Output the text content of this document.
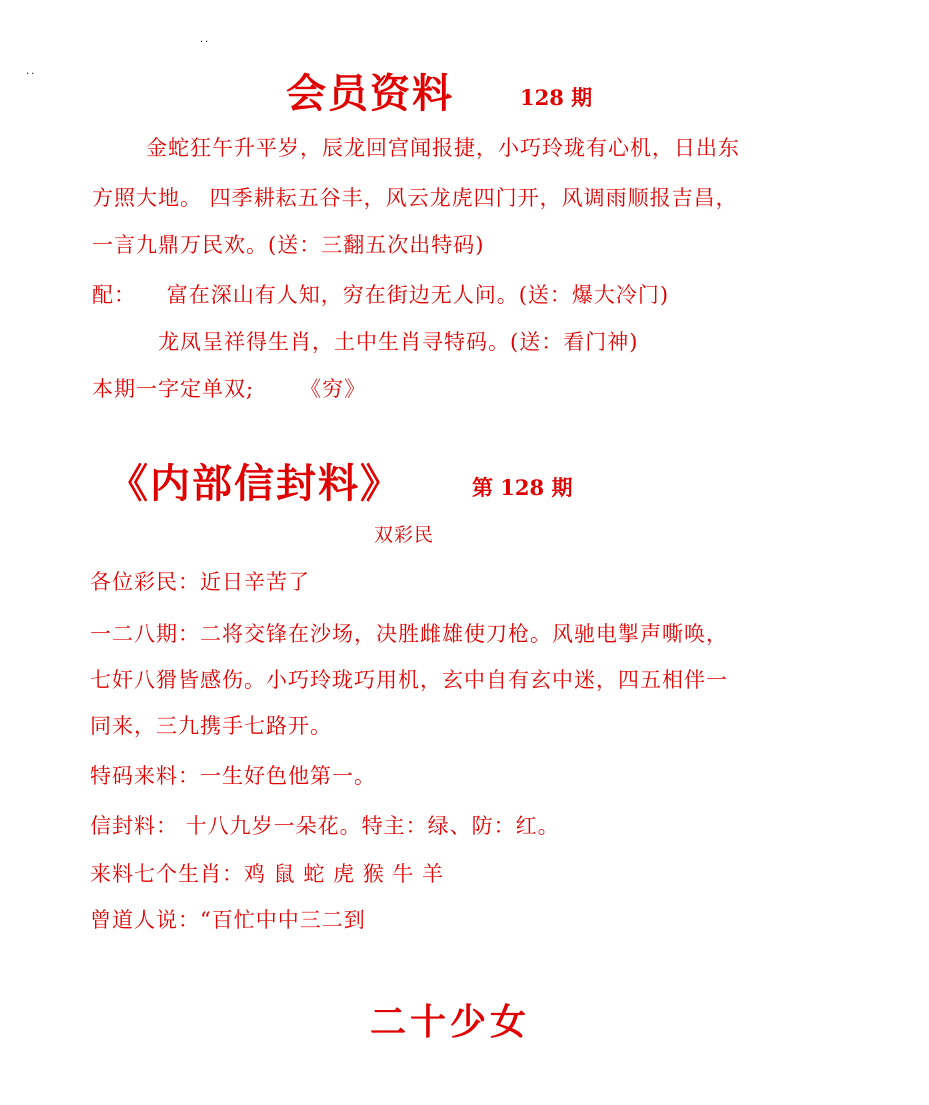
..
..	会员资料	128 期
金蛇狂午升平岁，辰龙回宫闻报捷，小巧玲珑有心机，日出东
方照大地。 四季耕耘五谷丰，风云龙虎四门开，风调雨顺报吉昌，
一言九鼎万民欢。(送：三翻五次出特码)
配：    富在深山有人知，穷在街边无人问。(送：爆大冷门)
龙凤呈祥得生肖，土中生肖寻特码。(送：看门神)
本期一字定单双;      《穷》
《内部信封料》	第 128 期
双彩民
各位彩民：近日辛苦了
一二八期：二将交锋在沙场，决胜雌雄使刀枪。风驰电掣声嘶唤，
七奸八猾皆感伤。小巧玲珑巧用机，玄中自有玄中迷，四五相伴一
同来，三九携手七路开。
特码来料：一生好色他第一。
信封料： 十八九岁一朵花。特主：绿、防：红。
来料七个生肖：鸡 鼠 蛇 虎 猴 牛 羊
曾道人说：“百忙中中三二到
二十少女
